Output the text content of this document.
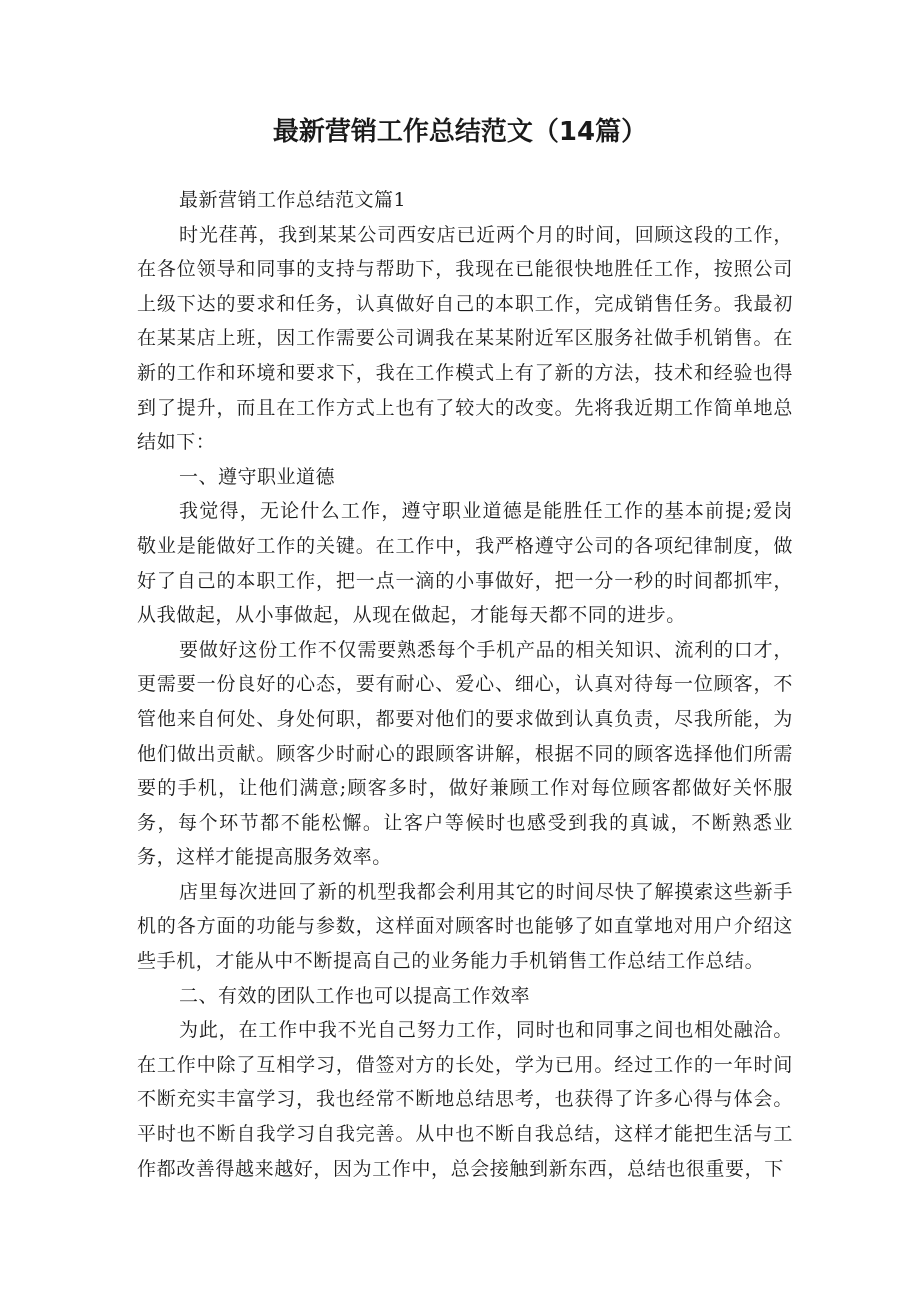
最新营销工作总结范文（14篇）

最新营销工作总结范文篇1

时光荏苒，我到某某公司西安店已近两个月的时间，回顾这段的工作，在各位领导和同事的支持与帮助下，我现在已能很快地胜任工作，按照公司上级下达的要求和任务，认真做好自己的本职工作，完成销售任务。我最初在某某店上班，因工作需要公司调我在某某附近军区服务社做手机销售。在新的工作和环境和要求下，我在工作模式上有了新的方法，技术和经验也得到了提升，而且在工作方式上也有了较大的改变。先将我近期工作简单地总结如下：

一、遵守职业道德

我觉得，无论什么工作，遵守职业道德是能胜任工作的基本前提;爱岗敬业是能做好工作的关键。在工作中，我严格遵守公司的各项纪律制度，做好了自己的本职工作，把一点一滴的小事做好，把一分一秒的时间都抓牢，从我做起，从小事做起，从现在做起，才能每天都不同的进步。

要做好这份工作不仅需要熟悉每个手机产品的相关知识、流利的口才，更需要一份良好的心态，要有耐心、爱心、细心，认真对待每一位顾客，不管他来自何处、身处何职，都要对他们的要求做到认真负责，尽我所能，为他们做出贡献。顾客少时耐心的跟顾客讲解，根据不同的顾客选择他们所需要的手机，让他们满意;顾客多时，做好兼顾工作对每位顾客都做好关怀服务，每个环节都不能松懈。让客户等候时也感受到我的真诚，不断熟悉业务，这样才能提高服务效率。

店里每次进回了新的机型我都会利用其它的时间尽快了解摸索这些新手机的各方面的功能与参数，这样面对顾客时也能够了如直掌地对用户介绍这些手机，才能从中不断提高自己的业务能力手机销售工作总结工作总结。

二、有效的团队工作也可以提高工作效率

为此，在工作中我不光自己努力工作，同时也和同事之间也相处融洽。在工作中除了互相学习，借签对方的长处，学为已用。经过工作的一年时间不断充实丰富学习，我也经常不断地总结思考，也获得了许多心得与体会。平时也不断自我学习自我完善。从中也不断自我总结，这样才能把生活与工作都改善得越来越好，因为工作中，总会接触到新东西，总结也很重要，下
